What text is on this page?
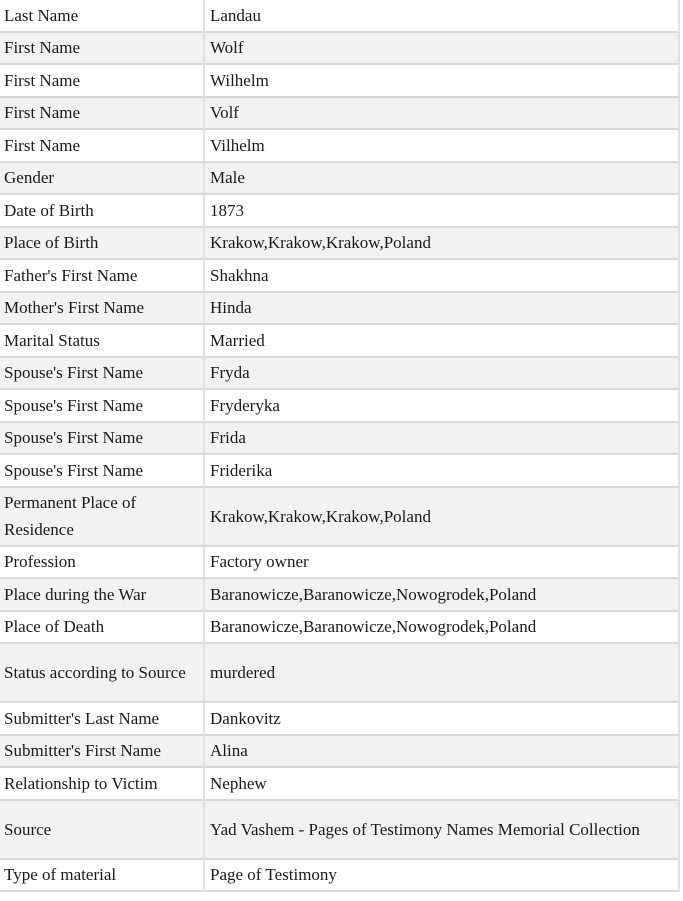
Last Name	Landau
First Name	Wolf
First Name	Wilhelm
First Name	Volf
First Name	Vilhelm
Gender	Male
Date of Birth	1873
Place of Birth	Krakow,Krakow,Krakow,Poland
Father's First Name	Shakhna
Mother's First Name	Hinda
Marital Status	Married
Spouse's First Name	Fryda
Spouse's First Name	Fryderyka
Spouse's First Name	Frida
Spouse's First Name	Friderika
Permanent Place of Residence	Krakow,Krakow,Krakow,Poland
Profession	Factory owner
Place during the War	Baranowicze,Baranowicze,Nowogrodek,Poland
Place of Death	Baranowicze,Baranowicze,Nowogrodek,Poland
Status according to Source	murdered
Submitter's Last Name	Dankovitz
Submitter's First Name	Alina
Relationship to Victim	Nephew
Source	Yad Vashem - Pages of Testimony Names Memorial Collection
Type of material	Page of Testimony
